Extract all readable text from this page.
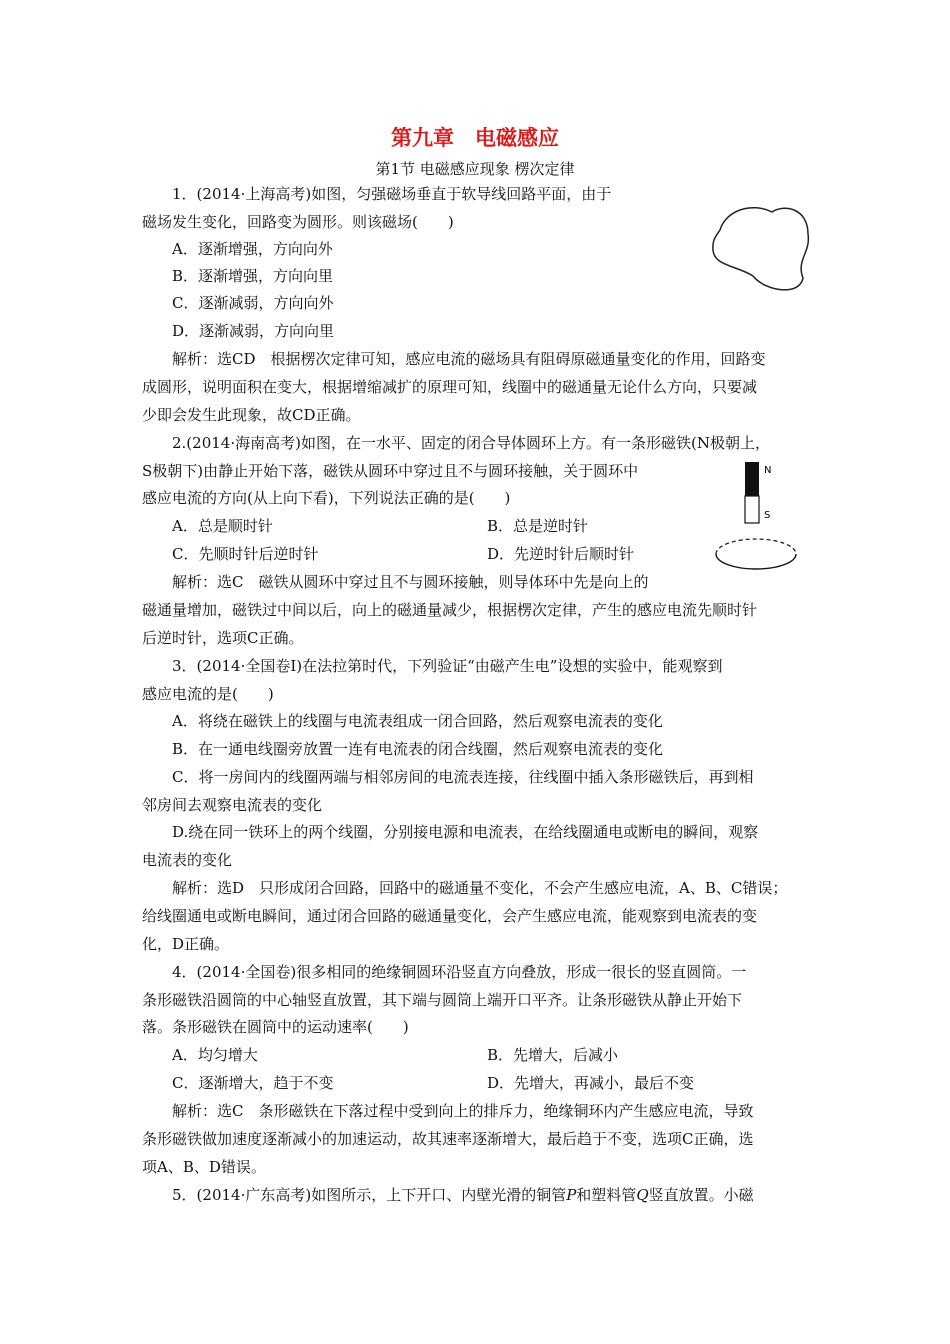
第九章　电磁感应
第1节 电磁感应现象 楞次定律
1．(2014·上海高考)如图，匀强磁场垂直于软导线回路平面，由于
磁场发生变化，回路变为圆形。则该磁场(　　)
A．逐渐增强，方向向外
B．逐渐增强，方向向里
C．逐渐减弱，方向向外
D．逐渐减弱，方向向里
解析：选CD　根据楞次定律可知，感应电流的磁场具有阻碍原磁通量变化的作用，回路变
成圆形，说明面积在变大，根据增缩减扩的原理可知，线圈中的磁通量无论什么方向，只要减
少即会发生此现象，故CD正确。
2.(2014·海南高考)如图，在一水平、固定的闭合导体圆环上方。有一条形磁铁(N极朝上，
S极朝下)由静止开始下落，磁铁从圆环中穿过且不与圆环接触，关于圆环中
感应电流的方向(从上向下看)，下列说法正确的是(　　)
A．总是顺时针	B．总是逆时针
C．先顺时针后逆时针	D．先逆时针后顺时针
解析：选C　磁铁从圆环中穿过且不与圆环接触，则导体环中先是向上的
磁通量增加，磁铁过中间以后，向上的磁通量减少，根据楞次定律，产生的感应电流先顺时针
后逆时针，选项C正确。
N
S
3．(2014·全国卷Ⅰ)在法拉第时代，下列验证“由磁产生电”设想的实验中，能观察到
感应电流的是(　　)
A．将绕在磁铁上的线圈与电流表组成一闭合回路，然后观察电流表的变化
B．在一通电线圈旁放置一连有电流表的闭合线圈，然后观察电流表的变化
C．将一房间内的线圈两端与相邻房间的电流表连接，往线圈中插入条形磁铁后，再到相
邻房间去观察电流表的变化
D.绕在同一铁环上的两个线圈，分别接电源和电流表，在给线圈通电或断电的瞬间，观察
电流表的变化
解析：选D　只形成闭合回路，回路中的磁通量不变化，不会产生感应电流，A、B、C错误；
给线圈通电或断电瞬间，通过闭合回路的磁通量变化，会产生感应电流，能观察到电流表的变
化，D正确。
4．(2014·全国卷)很多相同的绝缘铜圆环沿竖直方向叠放，形成一很长的竖直圆筒。一
条形磁铁沿圆筒的中心轴竖直放置，其下端与圆筒上端开口平齐。让条形磁铁从静止开始下
落。条形磁铁在圆筒中的运动速率(　　)
A．均匀增大	B．先增大，后减小
C．逐渐增大，趋于不变	D．先增大，再减小，最后不变
解析：选C　条形磁铁在下落过程中受到向上的排斥力，绝缘铜环内产生感应电流，导致
条形磁铁做加速度逐渐减小的加速运动，故其速率逐渐增大，最后趋于不变，选项C正确，选
项A、B、D错误。
5．(2014·广东高考)如图所示，上下开口、内壁光滑的铜管P和塑料管Q竖直放置。小磁
